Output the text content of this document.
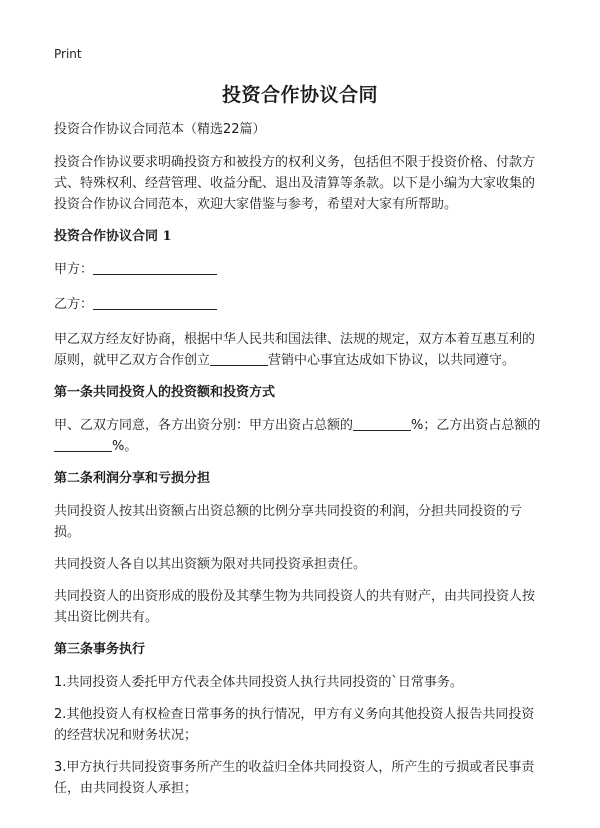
Print
投资合作协议合同

投资合作协议合同范本（精选22篇）

投资合作协议要求明确投资方和被投方的权利义务，包括但不限于投资价格、付款方式、特殊权利、经营管理、收益分配、退出及清算等条款。以下是小编为大家收集的投资合作协议合同范本，欢迎大家借鉴与参考，希望对大家有所帮助。

投资合作协议合同 1

甲方：

乙方：

甲乙双方经友好协商，根据中华人民共和国法律、法规的规定，双方本着互惠互利的原则，就甲乙双方合作创立	营销中心事宜达成如下协议，以共同遵守。

第一条共同投资人的投资额和投资方式

甲、乙双方同意，各方出资分别：甲方出资占总额的	%；乙方出资占总额的%。

第二条利润分享和亏损分担

共同投资人按其出资额占出资总额的比例分享共同投资的利润，分担共同投资的亏损。

共同投资人各自以其出资额为限对共同投资承担责任。

共同投资人的出资形成的股份及其孳生物为共同投资人的共有财产，由共同投资人按其出资比例共有。

第三条事务执行

1.共同投资人委托甲方代表全体共同投资人执行共同投资的`日常事务。

2.其他投资人有权检查日常事务的执行情况，甲方有义务向其他投资人报告共同投资的经营状况和财务状况；

3.甲方执行共同投资事务所产生的收益归全体共同投资人，所产生的亏损或者民事责任，由共同投资人承担；
